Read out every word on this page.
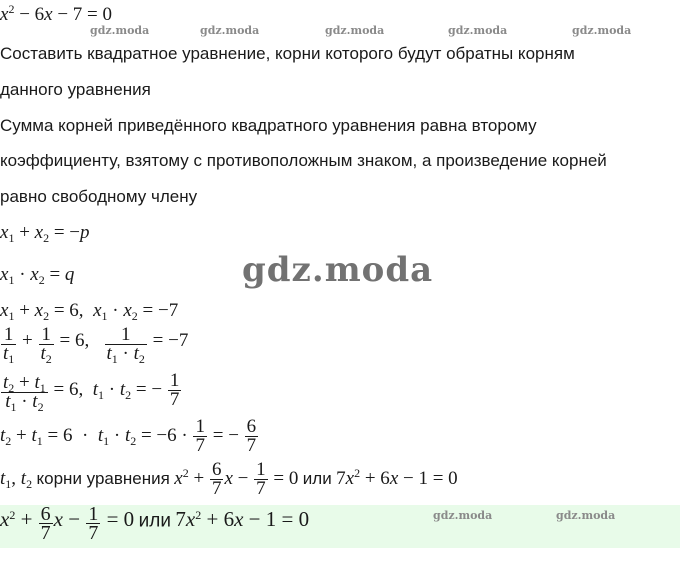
gdz.moda	gdz.moda	gdz.moda	gdz.moda	gdz.moda
gdz.moda
$x^2 - 6x - 7 = 0$
Составить квадратное уравнение, корни которого будут обратны корням
данного уравнения
Сумма корней приведённого квадратного уравнения равна второму
коэффициенту, взятому с противоположным знаком, а произведение корней
равно свободному члену
$x_1 + x_2 = -p$
$x_1 \cdot x_2 = q$
$x_1 + x_2 = 6$,  $x_1 \cdot x_2 = -7$
$\frac{1}{t_1} + \frac{1}{t_2} = 6$, $\frac{1}{t_1 \cdot t_2} = -7$
$\frac{t_2 + t_1}{t_1 \cdot t_2} = 6$,  $t_1 \cdot t_2$ = − $\frac{1}{7}$
$t_2 + t_1 = 6 \cdot t_1 \cdot t_2 = -6 \cdot \frac{1}{7}$ = − $\frac{6}{7}$
$t_1$, $t_2$ корни уравнения $x^2 + \frac{6}{7}$ $x - \frac{1}{7} = 0$ или $7x^2 + 6x - 1 = 0$
gdz.moda	gdz.moda
$x^2 + \frac{6}{7}$ $x - \frac{1}{7} = 0$ или $7x^2 + 6x - 1 = 0$
